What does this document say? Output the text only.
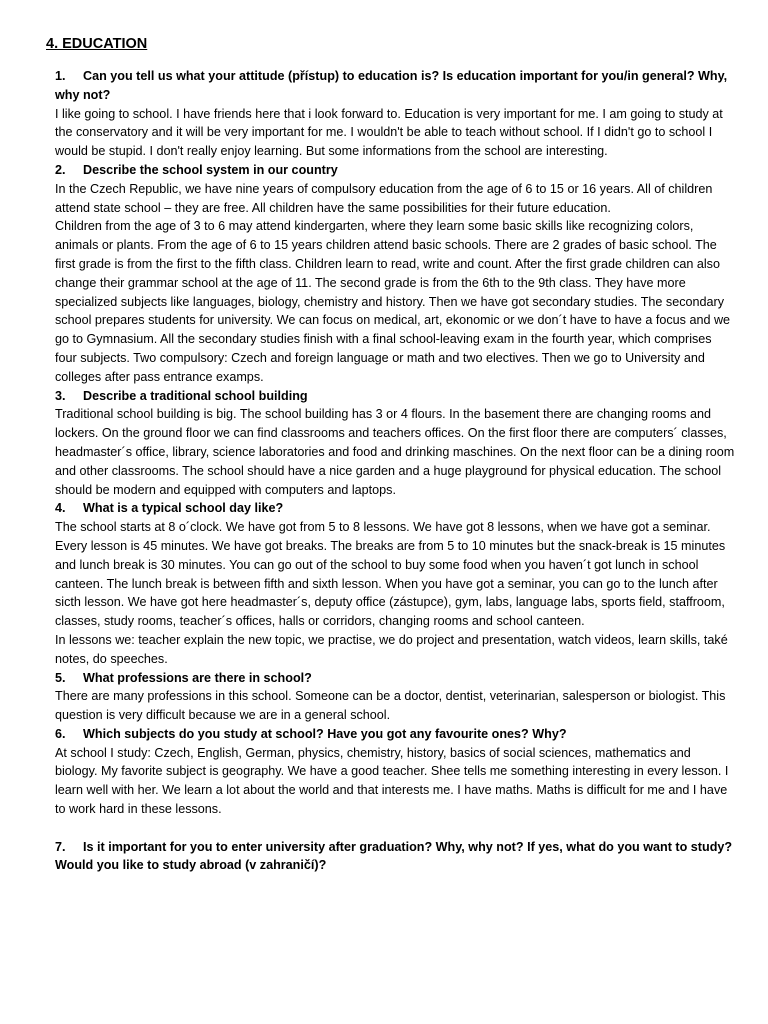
4. EDUCATION
1. Can you tell us what your attitude (přístup) to education is? Is education important for you/in general? Why, why not?

I like going to school. I have friends here that i look forward to. Education is very important for me. I am going to study at the conservatory and it will be very important for me. I wouldn't be able to teach without school. If I didn't go to school I would be stupid. I don't really enjoy learning. But some informations from the school are interesting.

2.	Describe the school system in our country

In the Czech Republic, we have nine years of compulsory education from the age of 6 to 15 or 16 years. All of children attend state school – they are free. All children have the same possibilities for their future education.

Children from the age of 3 to 6 may attend kindergarten, where they learn some basic skills like recognizing colors, animals or plants. From the age of 6 to 15 years children attend basic schools. There are 2 grades of basic school. The first grade is from the first to the fifth class. Children learn to read, write and count. After the first grade children can also change their grammar school at the age of 11. The second grade is from the 6th to the 9th class. They have more specialized subjects like languages, biology, chemistry and history. Then we have got secondary studies. The secondary school prepares students for university. We can focus on medical, art, ekonomic or we don´t have to have a focus and we go to Gymnasium. All the secondary studies finish with a final school-leaving exam in the fourth year, which comprises four subjects. Two compulsory: Czech and foreign language or math and two electives. Then we go to University and colleges after pass entrance examps.

3.	Describe a traditional school building

Traditional school building is big. The school building has 3 or 4 flours. In the basement there are changing rooms and lockers. On the ground floor we can find classrooms and teachers offices. On the first floor there are computers´ classes, headmaster´s office, library, science laboratories and food and drinking maschines. On the next floor can be a dining room and other classrooms. The school should have a nice garden and a huge playground for physical education. The school should be modern and equipped with computers and laptops.

4.	What is a typical school day like?

The school starts at 8 o´clock. We have got from 5 to 8 lessons. We have got 8 lessons, when we have got a seminar. Every lesson is 45 minutes. We have got breaks. The breaks are from 5 to 10 minutes but the snack-break is 15 minutes and lunch break is 30 minutes. You can go out of the school to buy some food when you haven´t got lunch in school canteen. The lunch break is between fifth and sixth lesson. When you have got a seminar, you can go to the lunch after sicth lesson. We have got here headmaster´s, deputy office (zástupce), gym, labs, language labs, sports field, staffroom, classes, study rooms, teacher´s offices, halls or corridors, changing rooms and school canteen.

In lessons we: teacher explain the new topic, we practise, we do project and presentation, watch videos, learn skills, také notes, do speeches.

5.	What professions are there in school?

There are many professions in this school. Someone can be a doctor, dentist, veterinarian, salesperson or biologist. This question is very difficult because we are in a general school.

6.	Which subjects do you study at school? Have you got any favourite ones? Why?

At school I study: Czech, English, German, physics, chemistry, history, basics of social sciences, mathematics and biology. My favorite subject is geography. We have a good teacher. Shee tells me something interesting in every lesson. I learn well with her. We learn a lot about the world and that interests me. I have maths. Maths is difficult for me and I have to work hard in these lessons.

7. Is it important for you to enter university after graduation? Why, why not? If yes, what do you want to study? Would you like to study abroad (v zahraničí)?
